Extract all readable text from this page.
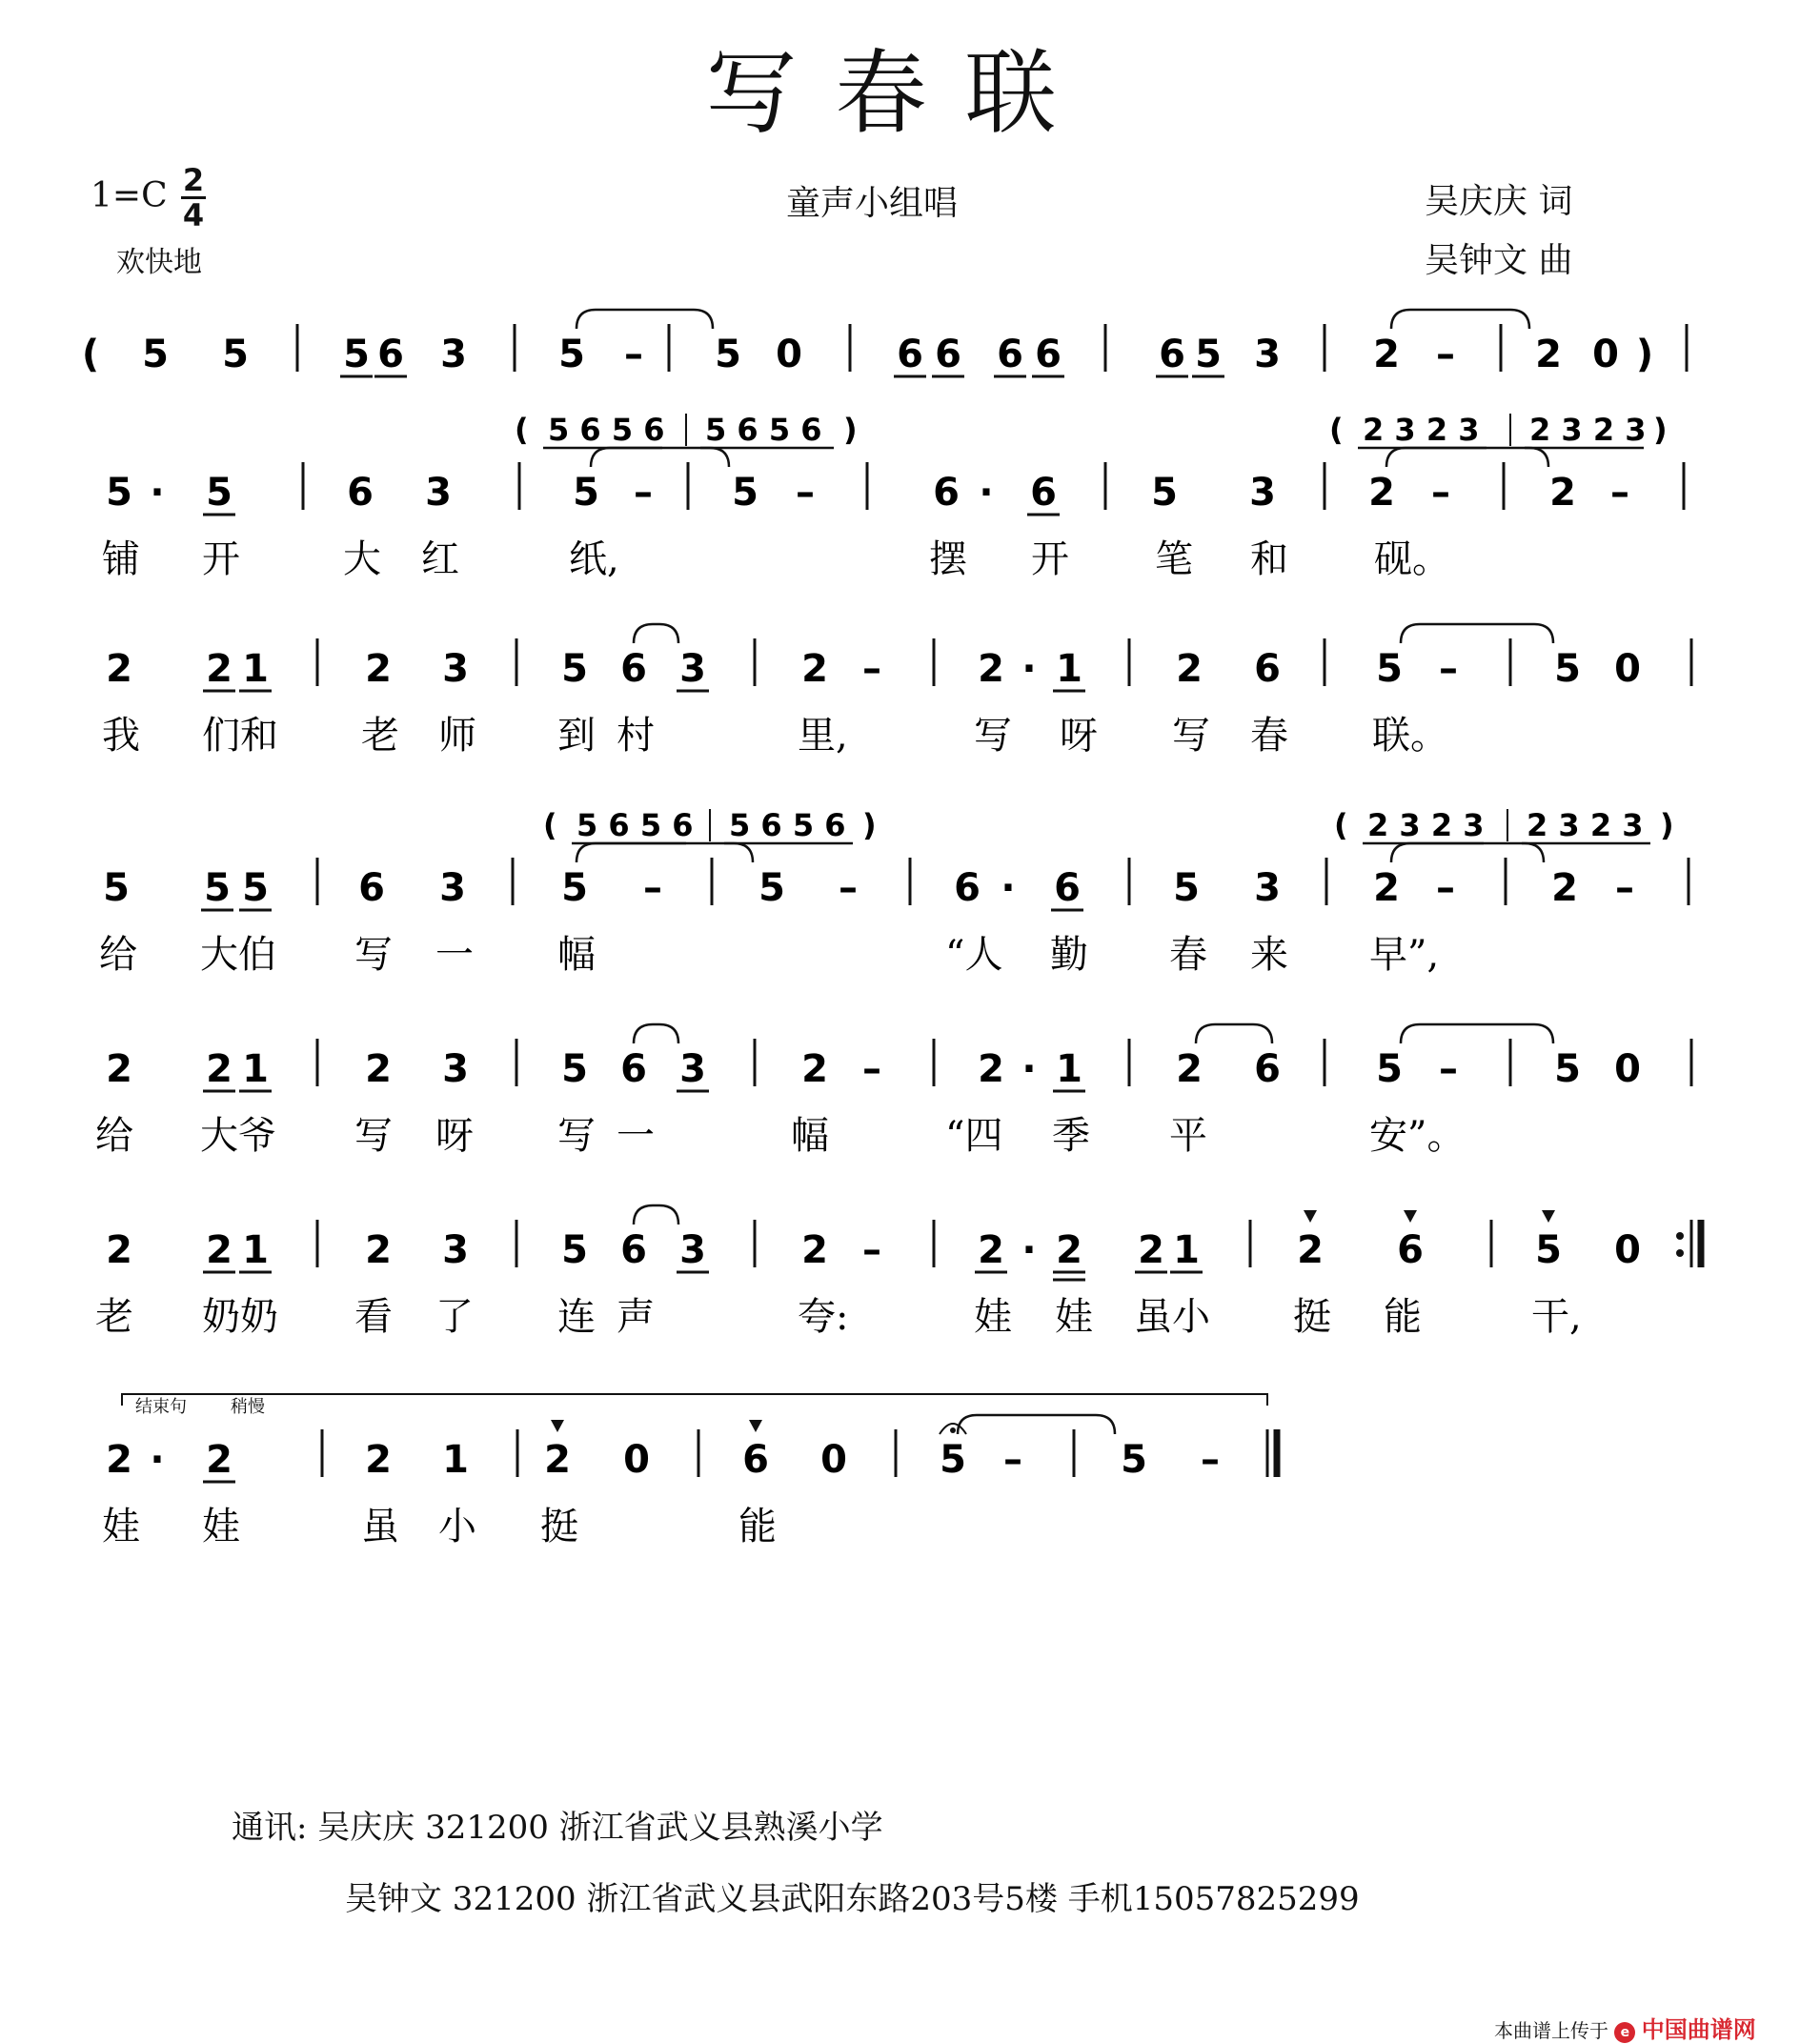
写春联
$1=C \frac{2}{4}$
欢快地
童声小组唱	吴庆庆 词
吴钟文 曲
( 5 5 5 6 3 5 – 5 0 6 6 6 6	6 5 3 2 – 2 0 )
5 · 5	6 3	5 – 5 –	6 · 6 5 3 2 –	2 –
( 5 6 5 6 5 6 5 6 )	( 2 3 2 3 2 3 2 3 )
铺 开	大 红	纸,	摆 开 笔 和 砚。
2 2 1	2 3 5 6 3	2 –	2 · 1 2 6	5 –	5 0
我 们和 老 师 到 村	里,	写 呀 写 春 联。
5 5 5 6 3	5 –	5 –	6 · 6 5 3 2 –	2 –
( 5 6 5 6 5 6 5 6 )	( 2 3 2 3 2 3 2 3 )
给 大伯 写 一 幅	“人 勤 春 来 早”,
2 2 1	2 3 5 6 3	2 –	2 · 1 2 6	5 –	5 0
给 大爷 写 呀 写 一	幅	“四 季 平	安”。
2 2 1	2 3 5 6 3	2 –	2 · 2 2 1	2 6	5 0
老 奶奶 看 了 连 声	夸:	娃 娃 虽小 挺 能	干,
2 · 2	2 1 2 0 6 0 5 –	5 –
娃 娃	虽 小 挺	能
结束句	稍慢
通讯: 吴庆庆 321200 浙江省武义县熟溪小学
吴钟文 321200 浙江省武义县武阳东路203号5楼 手机15057825299
本曲谱上传于 e 中国曲谱网
